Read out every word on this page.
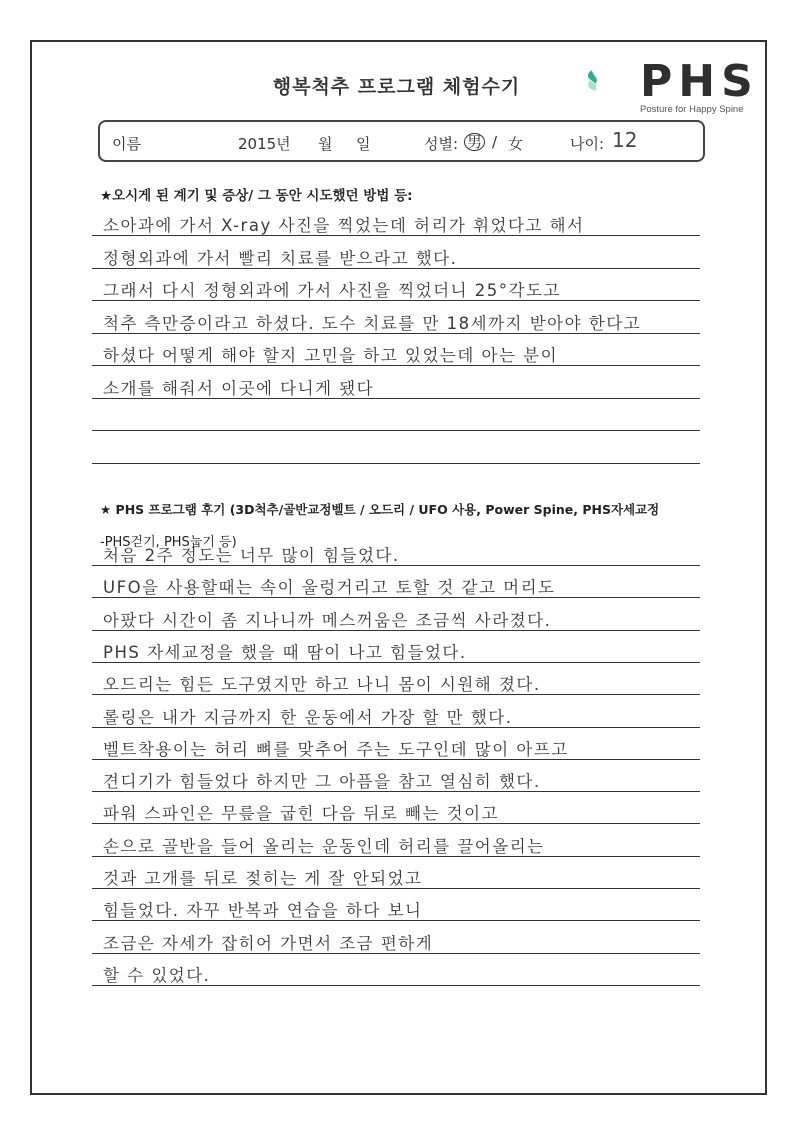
행복척추 프로그램 체험수기	PHS
Posture for Happy Spine
이름	2015년 월 일	성별: 男 / 女	나이: 12
★오시게 된 계기 및 증상/ 그 동안 시도했던 방법 등:
소아과에 가서 X-ray 사진을 찍었는데 허리가 휘었다고 해서
정형외과에 가서 빨리 치료를 받으라고 했다.
그래서 다시 정형외과에 가서 사진을 찍었더니 25°각도고
척추 측만증이라고 하셨다. 도수 치료를 만 18세까지 받아야 한다고
하셨다 어떻게 해야 할지 고민을 하고 있었는데 아는 분이
소개를 해줘서 이곳에 다니게 됐다
★ PHS 프로그램 후기 (3D척추/골반교정벨트 / 오드리 / UFO 사용, Power Spine, PHS자세교정
-PHS걷기, PHS눕기 등)
처음 2주 정도는 너무 많이 힘들었다.
UFO을 사용할때는 속이 울렁거리고 토할 것 같고 머리도
아팠다 시간이 좀 지나니까 메스꺼움은 조금씩 사라졌다.
PHS 자세교정을 했을 때 땀이 나고 힘들었다.
오드리는 힘든 도구였지만 하고 나니 몸이 시원해 졌다.
롤링은 내가 지금까지 한 운동에서 가장 할 만 했다.
벨트착용이는 허리 뼈를 맞추어 주는 도구인데 많이 아프고
견디기가 힘들었다 하지만 그 아픔을 참고 열심히 했다.
파워 스파인은 무릎을 굽힌 다음 뒤로 빼는 것이고
손으로 골반을 들어 올리는 운동인데 허리를 끌어올리는
것과 고개를 뒤로 젖히는 게 잘 안되었고
힘들었다. 자꾸 반복과 연습을 하다 보니
조금은 자세가 잡히어 가면서 조금 편하게
할 수 있었다.
